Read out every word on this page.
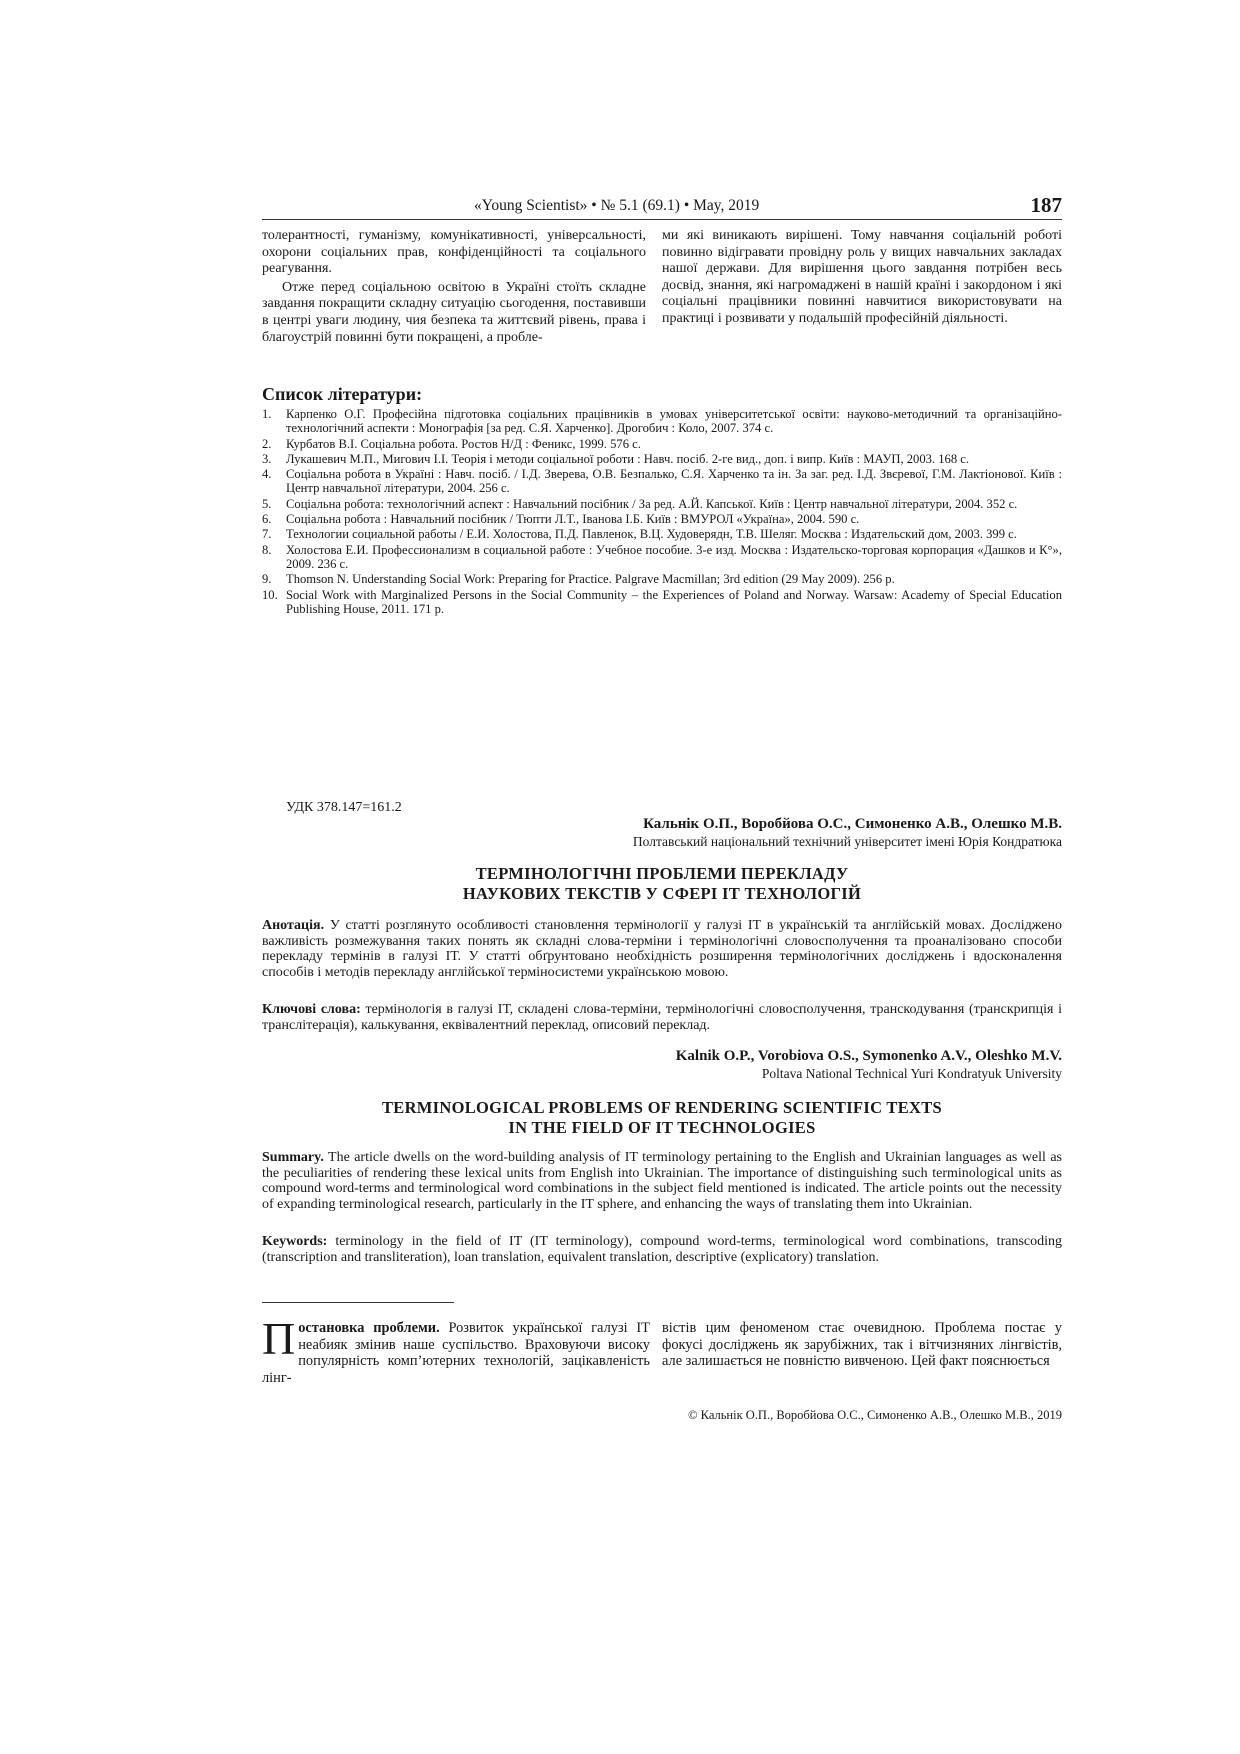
«Young Scientist» • № 5.1 (69.1) • May, 2019	187

толерантності, гуманізму, комунікативності, універсальності, охорони соціальних прав, конфіденційності та соціального реагування.

Отже перед соціальною освітою в Україні стоїть складне завдання покращити складну ситуацію сьогодення, поставивши в центрі уваги людину, чия безпека та життєвий рівень, права і благоустрій повинні бути покращені, а пробле-

ми які виникають вирішені. Тому навчання соціальній роботі повинно відігравати провідну роль у вищих навчальних закладах нашої держави. Для вирішення цього завдання потрібен весь досвід, знання, які нагромаджені в нашій країні і закордоном і які соціальні працівники повинні навчитися використовувати на практиці і розвивати у подальшій професійній діяльності.

Список літератури:
1. Карпенко О.Г. Професійна підготовка соціальних працівників в умовах університетської освіти: науково-методичний та організаційно-технологічний аспекти : Монографія [за ред. С.Я. Харченко]. Дрогобич : Коло, 2007. 374 с.
2. Курбатов В.І. Соціальна робота. Ростов Н/Д : Феникс, 1999. 576 с.
3. Лукашевич М.П., Мигович І.І. Теорія і методи соціальної роботи : Навч. посіб. 2-ге вид., доп. і випр. Київ : МАУП, 2003. 168 с.
4. Соціальна робота в Україні : Навч. посіб. / І.Д. Зверева, О.В. Безпалько, С.Я. Харченко та ін. За заг. ред. І.Д. Звєревої, Г.М. Лактіонової. Київ : Центр навчальної літератури, 2004. 256 с.
5. Соціальна робота: технологічний аспект : Навчальний посібник / За ред. А.Й. Капської. Київ : Центр навчальної літератури, 2004. 352 с.
6. Соціальна робота : Навчальний посібник / Тюпти Л.Т., Іванова І.Б. Київ : ВМУРОЛ «Україна», 2004. 590 с.
7. Технологии социальной работы / Е.И. Холостова, П.Д. Павленок, В.Ц. Худоверядн, Т.В. Шеляг. Москва : Издательский дом, 2003. 399 с.
8. Холостова Е.И. Профессионализм в социальной работе : Учебное пособие. 3-е изд. Москва : Издательско-торговая корпорация «Дашков и К°», 2009. 236 с.
9. Thomson N. Understanding Social Work: Preparing for Practice. Palgrave Macmillan; 3rd edition (29 May 2009). 256 p.
10. Social Work with Marginalized Persons in the Social Community – the Experiences of Poland and Norway. Warsaw: Academy of Special Education Publishing House, 2011. 171 p.
УДК 378.147=161.2
Кальнік О.П., Воробйова О.С., Симоненко А.В., Олешко М.В.
Полтавський національний технічний університет імені Юрія Кондратюка
ТЕРМІНОЛОГІЧНІ ПРОБЛЕМИ ПЕРЕКЛАДУ
НАУКОВИХ ТЕКСТІВ У СФЕРІ ІТ ТЕХНОЛОГІЙ
Анотація. У статті розглянуто особливості становлення термінології у галузі ІТ в українській та англійській мовах. Досліджено важливість розмежування таких понять як складні слова-терміни і термінологічні словосполучення та проаналізовано способи перекладу термінів в галузі ІТ. У статті обґрунтовано необхідність розширення термінологічних досліджень і вдосконалення способів і методів перекладу англійської терміносистеми українською мовою.
Ключові слова: термінологія в галузі ІТ, складені слова-терміни, термінологічні словосполучення, транскодування (транскрипція і транслітерація), калькування, еквівалентний переклад, описовий переклад.
Kalnik O.P., Vorobiova O.S., Symonenko A.V., Oleshko M.V.
Poltava National Technical Yuri Kondratyuk University
TERMINOLOGICAL PROBLEMS OF RENDERING SCIENTIFIC TEXTS
IN THE FIELD OF IT TECHNOLOGIES
Summary. The article dwells on the word-building analysis of IT terminology pertaining to the English and Ukrainian languages as well as the peculiarities of rendering these lexical units from English into Ukrainian. The importance of distinguishing such terminological units as compound word-terms and terminological word combinations in the subject field mentioned is indicated. The article points out the necessity of expanding terminological research, particularly in the IT sphere, and enhancing the ways of translating them into Ukrainian.
Keywords: terminology in the field of IT (IT terminology), compound word-terms, terminological word combinations, transcoding (transcription and transliteration), loan translation, equivalent translation, descriptive (explicatory) translation.
Постановка проблеми. Розвиток української галузі ІТ неабияк змінив наше суспільство. Враховуючи високу популярність комп’ютерних технологій, зацікавленість лінг-
вістів цим феноменом стає очевидною. Проблема постає у фокусі досліджень як зарубіжних, так і вітчизняних лінгвістів, але залишається не повністю вивченою. Цей факт пояснюється
© Кальнік О.П., Воробйова О.С., Симоненко А.В., Олешко М.В., 2019
